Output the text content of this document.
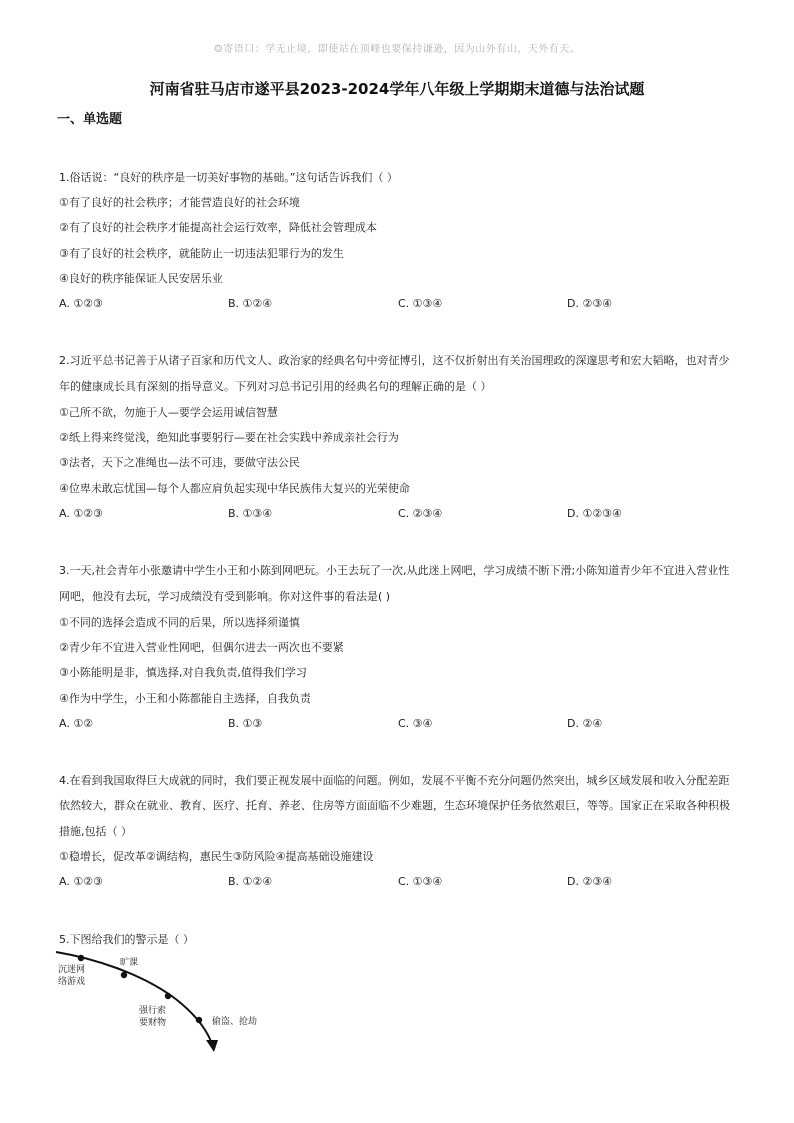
☺寄语口：学无止境，即使站在顶峰也要保持谦逊，因为山外有山，天外有天。
河南省驻马店市遂平县2023-2024学年八年级上学期期末道德与法治试题
一、单选题
1.俗话说：“良好的秩序是一切美好事物的基础。”这句话告诉我们（ ）
①有了良好的社会秩序；才能营造良好的社会环境
②有了良好的社会秩序才能提高社会运行效率，降低社会管理成本
③有了良好的社会秩序，就能防止一切违法犯罪行为的发生
④良好的秩序能保证人民安居乐业
A. ①②③	B. ①②④	C. ①③④	D. ②③④
2.习近平总书记善于从诸子百家和历代文人、政治家的经典名句中旁征博引，这不仅折射出有关治国理政的深邃思考和宏大韬略，也对青少
年的健康成长具有深刻的指导意义。下列对习总书记引用的经典名句的理解正确的是（ ）
①己所不欲，勿施于人—要学会运用诚信智慧
②纸上得来终觉浅，绝知此事要躬行—要在社会实践中养成亲社会行为
③法者，天下之准绳也—法不可违，要做守法公民
④位卑未敢忘忧国—每个人都应肩负起实现中华民族伟大复兴的光荣使命
A. ①②③	B. ①③④	C. ②③④	D. ①②③④
3.一天,社会青年小张邀请中学生小王和小陈到网吧玩。小王去玩了一次,从此迷上网吧，学习成绩不断下滑;小陈知道青少年不宜进入营业性
网吧，他没有去玩，学习成绩没有受到影响。你对这件事的看法是( )
①不同的选择会造成不同的后果，所以选择须谨慎
②青少年不宜进入营业性网吧，但偶尔进去一两次也不要紧
③小陈能明是非，慎选择,对自我负责,值得我们学习
④作为中学生，小王和小陈都能自主选择，自我负责
A. ①②	B. ①③	C. ③④	D. ②④
4.在看到我国取得巨大成就的同时，我们要正视发展中面临的问题。例如，发展不平衡不充分问题仍然突出，城乡区域发展和收入分配差距
依然较大，群众在就业、教育、医疗、托育、养老、住房等方面面临不少难题，生态环境保护任务依然艰巨，等等。国家正在采取各种积极
措施,包括（ ）
①稳增长，促改革②调结构，惠民生③防风险④提高基础设施建设
A. ①②③	B. ①②④	C. ①③④	D. ②③④
5.下图给我们的警示是（ ）
沉迷网
络游戏
旷课
强行索
要财物	偷盗、抢劫
